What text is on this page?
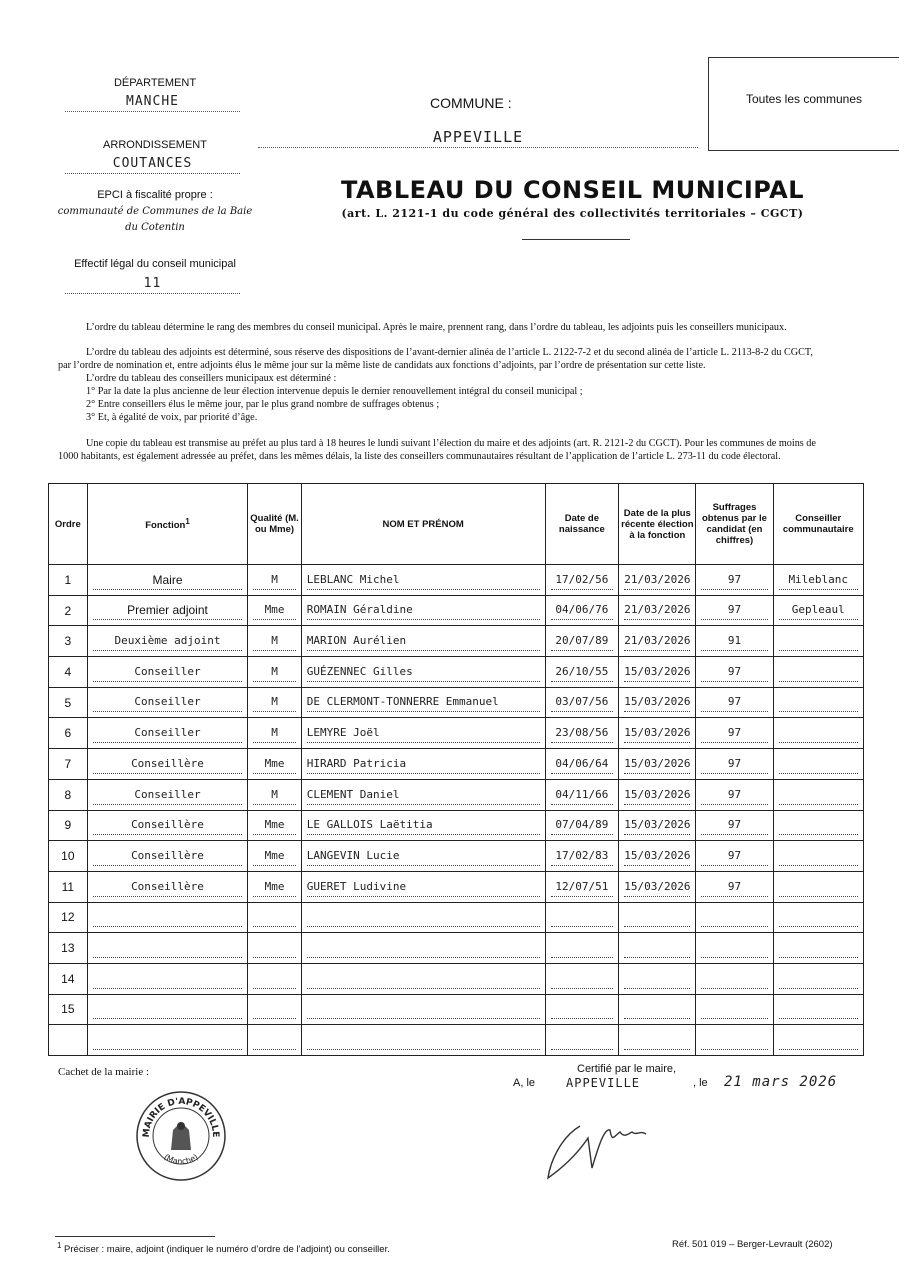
DÉPARTEMENT
MANCHE
ARRONDISSEMENT
COUTANCES
EPCI à fiscalité propre :
communauté de Communes de la Baie
du Cotentin
Effectif légal du conseil municipal
11
COMMUNE :
APPEVILLE
Toutes les communes
TABLEAU DU CONSEIL MUNICIPAL
(art. L. 2121-1 du code général des collectivités territoriales – CGCT)
L’ordre du tableau détermine le rang des membres du conseil municipal. Après le maire, prennent rang, dans l’ordre du tableau, les adjoints puis les conseillers municipaux.
L’ordre du tableau des adjoints est déterminé, sous réserve des dispositions de l’avant-dernier alinéa de l’article L. 2122-7-2 et du second alinéa de l’article L. 2113-8-2 du CGCT,
par l’ordre de nomination et, entre adjoints élus le même jour sur la même liste de candidats aux fonctions d’adjoints, par l’ordre de présentation sur cette liste.
L’ordre du tableau des conseillers municipaux est déterminé :
1° Par la date la plus ancienne de leur élection intervenue depuis le dernier renouvellement intégral du conseil municipal ;
2° Entre conseillers élus le même jour, par le plus grand nombre de suffrages obtenus ;
3° Et, à égalité de voix, par priorité d’âge.
Une copie du tableau est transmise au préfet au plus tard à 18 heures le lundi suivant l’élection du maire et des adjoints (art. R. 2121-2 du CGCT). Pour les communes de moins de
1000 habitants, est également adressée au préfet, dans les mêmes délais, la liste des conseillers communautaires résultant de l’application de l’article L. 273-11 du code électoral.
Ordre	Fonction$^1$	Qualité (M. ou Mme)	NOM ET PRÉNOM	Date de naissance	Date de la plus récente élection à la fonction	Suffrages obtenus par le candidat (en chiffres)	Conseiller communautaire
1	Maire	M	LEBLANC Michel	17/02/56	21/03/2026	97	Mileblanc

2	Premier adjoint	Mme	ROMAIN Géraldine	04/06/76	21/03/2026	97	Gepleaul

3	Deuxième adjoint	M	MARION Aurélien	20/07/89	21/03/2026	91	

4	Conseiller	M	GUÉZENNEC Gilles	26/10/55	15/03/2026	97	

5	Conseiller	M	DE CLERMONT-TONNERRE Emmanuel	03/07/56	15/03/2026	97	

6	Conseiller	M	LEMYRE Joël	23/08/56	15/03/2026	97	

7	Conseillère	Mme	HIRARD Patricia	04/06/64	15/03/2026	97	

8	Conseiller	M	CLEMENT Daniel	04/11/66	15/03/2026	97	

9	Conseillère	Mme	LE GALLOIS Laëtitia	07/04/89	15/03/2026	97	

10	Conseillère	Mme	LANGEVIN Lucie	17/02/83	15/03/2026	97	

11	Conseillère	Mme	GUERET Ludivine	12/07/51	15/03/2026	97	

12	

13	

14	

15	

Cachet de la mairie :	Certifié par le maire,
A, le	APPEVILLE	, le 21 mars 2026
MAIRIE D'APPEVILLE
(Manche)
$^1$ Préciser : maire, adjoint (indiquer le numéro d’ordre de l’adjoint) ou conseiller.	Réf. 501 019 – Berger-Levrault (2602)
